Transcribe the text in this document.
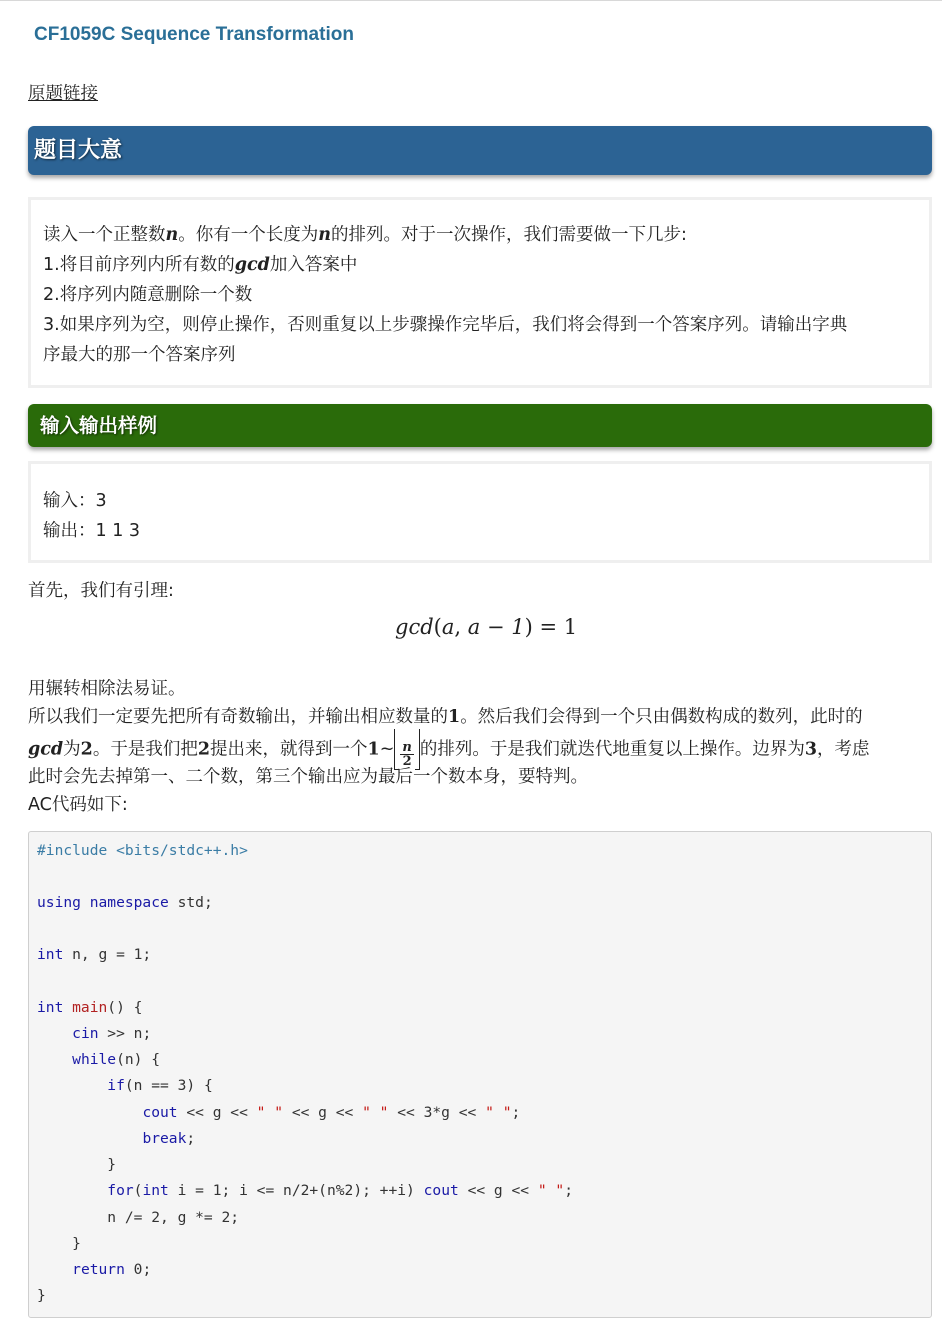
CF1059C Sequence Transformation
原题链接
题目大意
读入一个正整数n。你有一个长度为n的排列。对于一次操作，我们需要做一下几步:
1.将目前序列内所有数的gcd加入答案中
2.将序列内随意删除一个数
3.如果序列为空，则停止操作，否则重复以上步骤操作完毕后，我们将会得到一个答案序列。请输出字典
序最大的那一个答案序列
输入输出样例
输入：3
输出：1 1 3
首先，我们有引理:
gcd(a, a − 1) = 1
用辗转相除法易证。
所以我们一定要先把所有奇数输出，并输出相应数量的1。然后我们会得到一个只由偶数构成的数列，此时的
gcd为2。于是我们把2提出来，就得到一个1~ $\frac{n}{2}$ 的排列。于是我们就迭代地重复以上操作。边界为3，考虑
此时会先去掉第一、二个数，第三个输出应为最后一个数本身，要特判。
AC代码如下:
#include <bits/stdc++.h>
using namespace std;
int n, g = 1;
int main() {
cin >> n;
while(n) {
if(n == 3) {
cout << g << " " << g << " " << 3*g << " ";
break;
}
for(int i = 1; i <= n/2+(n%2); ++i) cout << g << " ";
n /= 2, g *= 2;
}
return 0;
}
